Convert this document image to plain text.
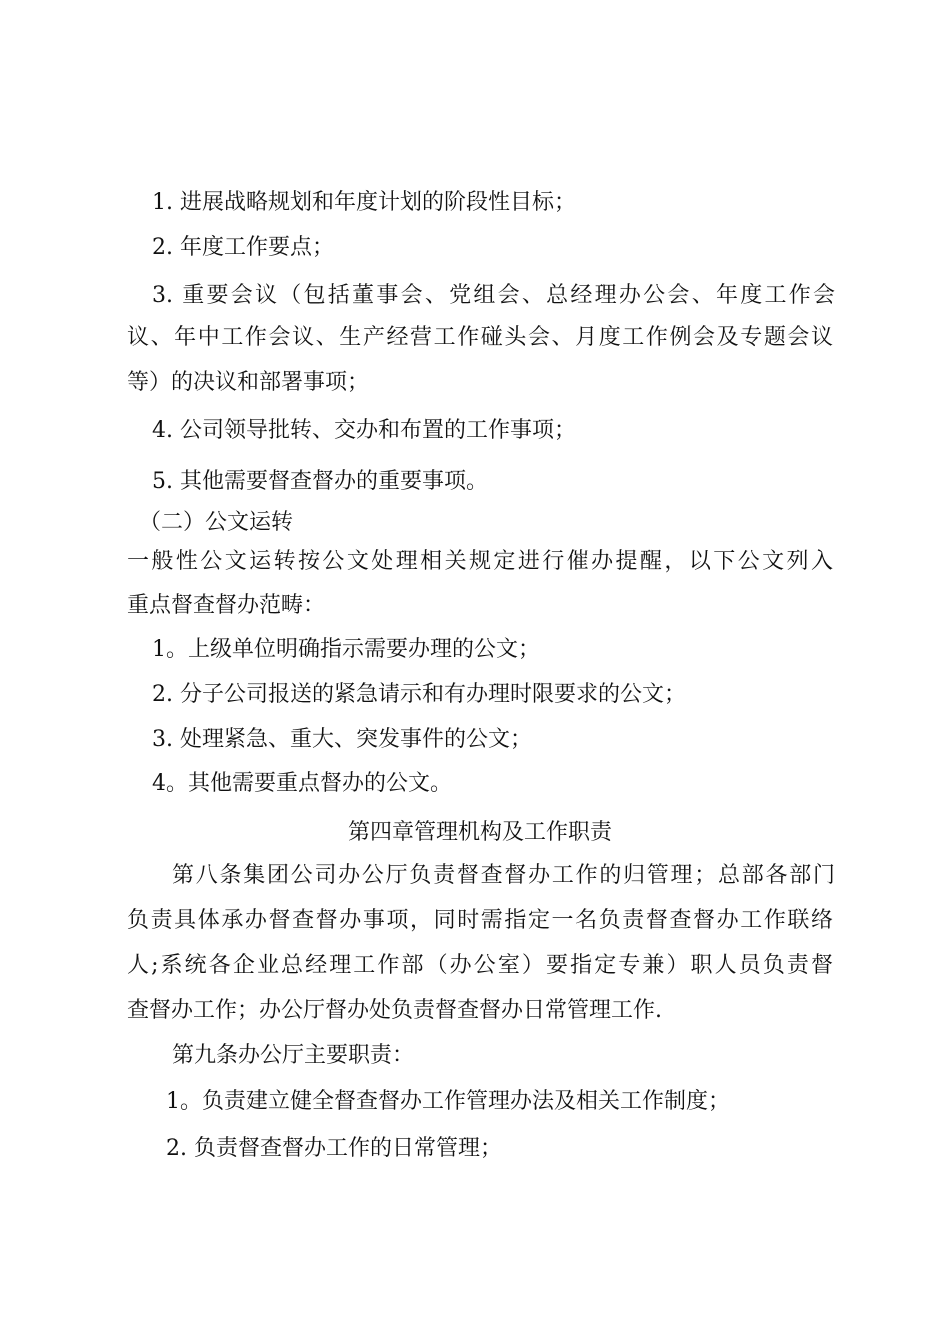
1. 进展战略规划和年度计划的阶段性目标；
2. 年度工作要点；
3. 重要会议（包括董事会、党组会、总经理办公会、年度工作会
议、年中工作会议、生产经营工作碰头会、月度工作例会及专题会议
等）的决议和部署事项；
4. 公司领导批转、交办和布置的工作事项；
5. 其他需要督查督办的重要事项。
（二）公文运转
一般性公文运转按公文处理相关规定进行催办提醒，以下公文列入
重点督查督办范畴：
1。上级单位明确指示需要办理的公文；
2. 分子公司报送的紧急请示和有办理时限要求的公文；
3. 处理紧急、重大、突发事件的公文；
4。其他需要重点督办的公文。
第四章管理机构及工作职责
第八条集团公司办公厅负责督查督办工作的归管理；总部各部门
负责具体承办督查督办事项，同时需指定一名负责督查督办工作联络
人;系统各企业总经理工作部（办公室）要指定专兼）职人员负责督
查督办工作；办公厅督办处负责督查督办日常管理工作.
第九条办公厅主要职责：
1。负责建立健全督查督办工作管理办法及相关工作制度；
2. 负责督查督办工作的日常管理；
